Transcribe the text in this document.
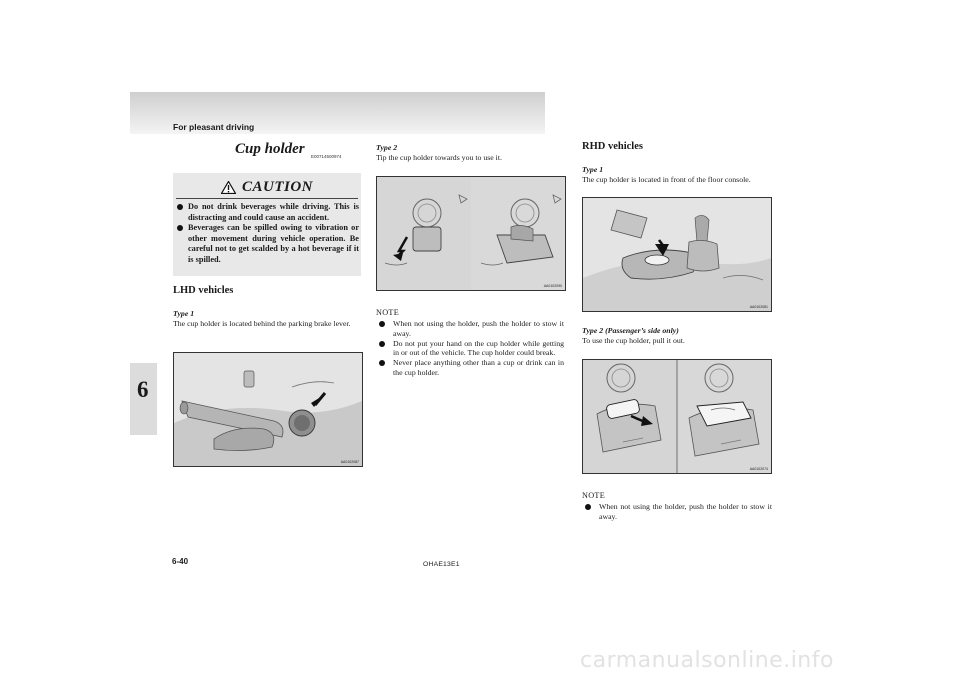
For pleasant driving
6
Cup holder E00714500974
CAUTION
Do not drink beverages while driving. This is distracting and could cause an accident.
Beverages can be spilled owing to vibration or other movement during vehicle operation. Be careful not to get scalded by a hot beverage if it is spilled.
LHD vehicles
Type 1
The cup holder is located behind the parking brake lever.
AA0102087
Type 2
Tip the cup holder towards you to use it.
AA0102090
NOTE
When not using the holder, push the holder to stow it away.
Do not put your hand on the cup holder while getting in or out of the vehicle. The cup holder could break.
Never place anything other than a cup or drink can in the cup holder.
RHD vehicles
Type 1
The cup holder is located in front of the floor console.
AA0102081
Type 2 (Passenger’s side only)
To use the cup holder, pull it out.
AA0102074
NOTE
When not using the holder, push the holder to stow it away.
6-40	OHAE13E1
carmanualsonline.info
